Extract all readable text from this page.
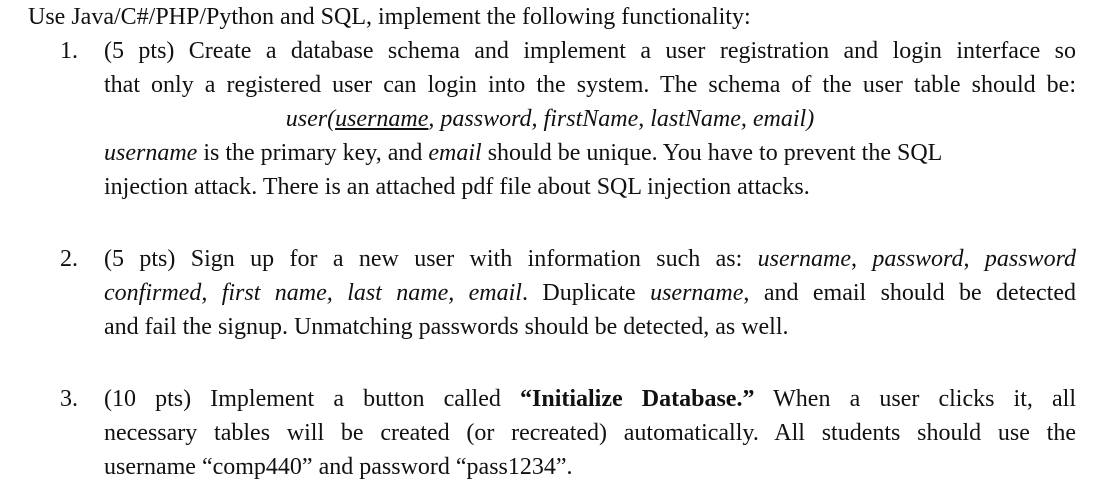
Use Java/C#/PHP/Python and SQL, implement the following functionality:
1. (5 pts) Create a database schema and implement a user registration and login interface so
that only a registered user can login into the system. The schema of the user table should be:
user(username, password, firstName, lastName, email)
username is the primary key, and email should be unique. You have to prevent the SQL
injection attack. There is an attached pdf file about SQL injection attacks.
2. (5 pts) Sign up for a new user with information such as: username, password, password
confirmed, first name, last name, email. Duplicate username, and email should be detected
and fail the signup. Unmatching passwords should be detected, as well.
3. (10 pts) Implement a button called “Initialize Database.” When a user clicks it, all
necessary tables will be created (or recreated) automatically. All students should use the
username “comp440” and password “pass1234”.
